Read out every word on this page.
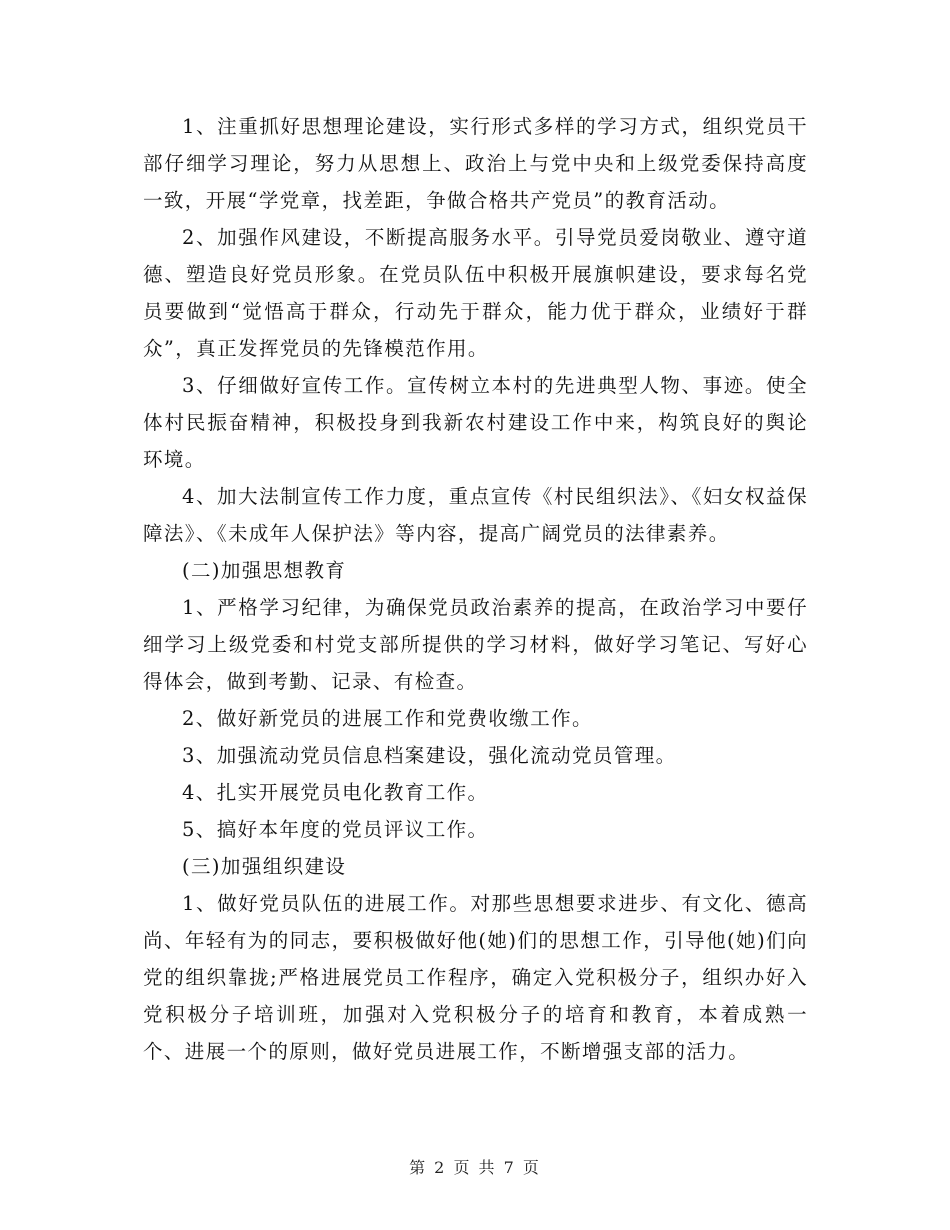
1、注重抓好思想理论建设，实行形式多样的学习方式，组织党员干部仔细学习理论，努力从思想上、政治上与党中央和上级党委保持高度一致，开展“学党章，找差距，争做合格共产党员”的教育活动。

2、加强作风建设，不断提高服务水平。引导党员爱岗敬业、遵守道德、塑造良好党员形象。在党员队伍中积极开展旗帜建设，要求每名党员要做到“觉悟高于群众，行动先于群众，能力优于群众，业绩好于群众”，真正发挥党员的先锋模范作用。

3、仔细做好宣传工作。宣传树立本村的先进典型人物、事迹。使全体村民振奋精神，积极投身到我新农村建设工作中来，构筑良好的舆论环境。

4、加大法制宣传工作力度，重点宣传《村民组织法》、《妇女权益保障法》、《未成年人保护法》等内容，提高广阔党员的法律素养。

(二)加强思想教育

1、严格学习纪律，为确保党员政治素养的提高，在政治学习中要仔细学习上级党委和村党支部所提供的学习材料，做好学习笔记、写好心得体会，做到考勤、记录、有检查。

2、做好新党员的进展工作和党费收缴工作。

3、加强流动党员信息档案建设，强化流动党员管理。

4、扎实开展党员电化教育工作。

5、搞好本年度的党员评议工作。

(三)加强组织建设

1、做好党员队伍的进展工作。对那些思想要求进步、有文化、德高尚、年轻有为的同志，要积极做好他(她)们的思想工作，引导他(她)们向党的组织靠拢;严格进展党员工作程序，确定入党积极分子，组织办好入党积极分子培训班，加强对入党积极分子的培育和教育，本着成熟一个、进展一个的原则，做好党员进展工作，不断增强支部的活力。

第 2 页 共 7 页
